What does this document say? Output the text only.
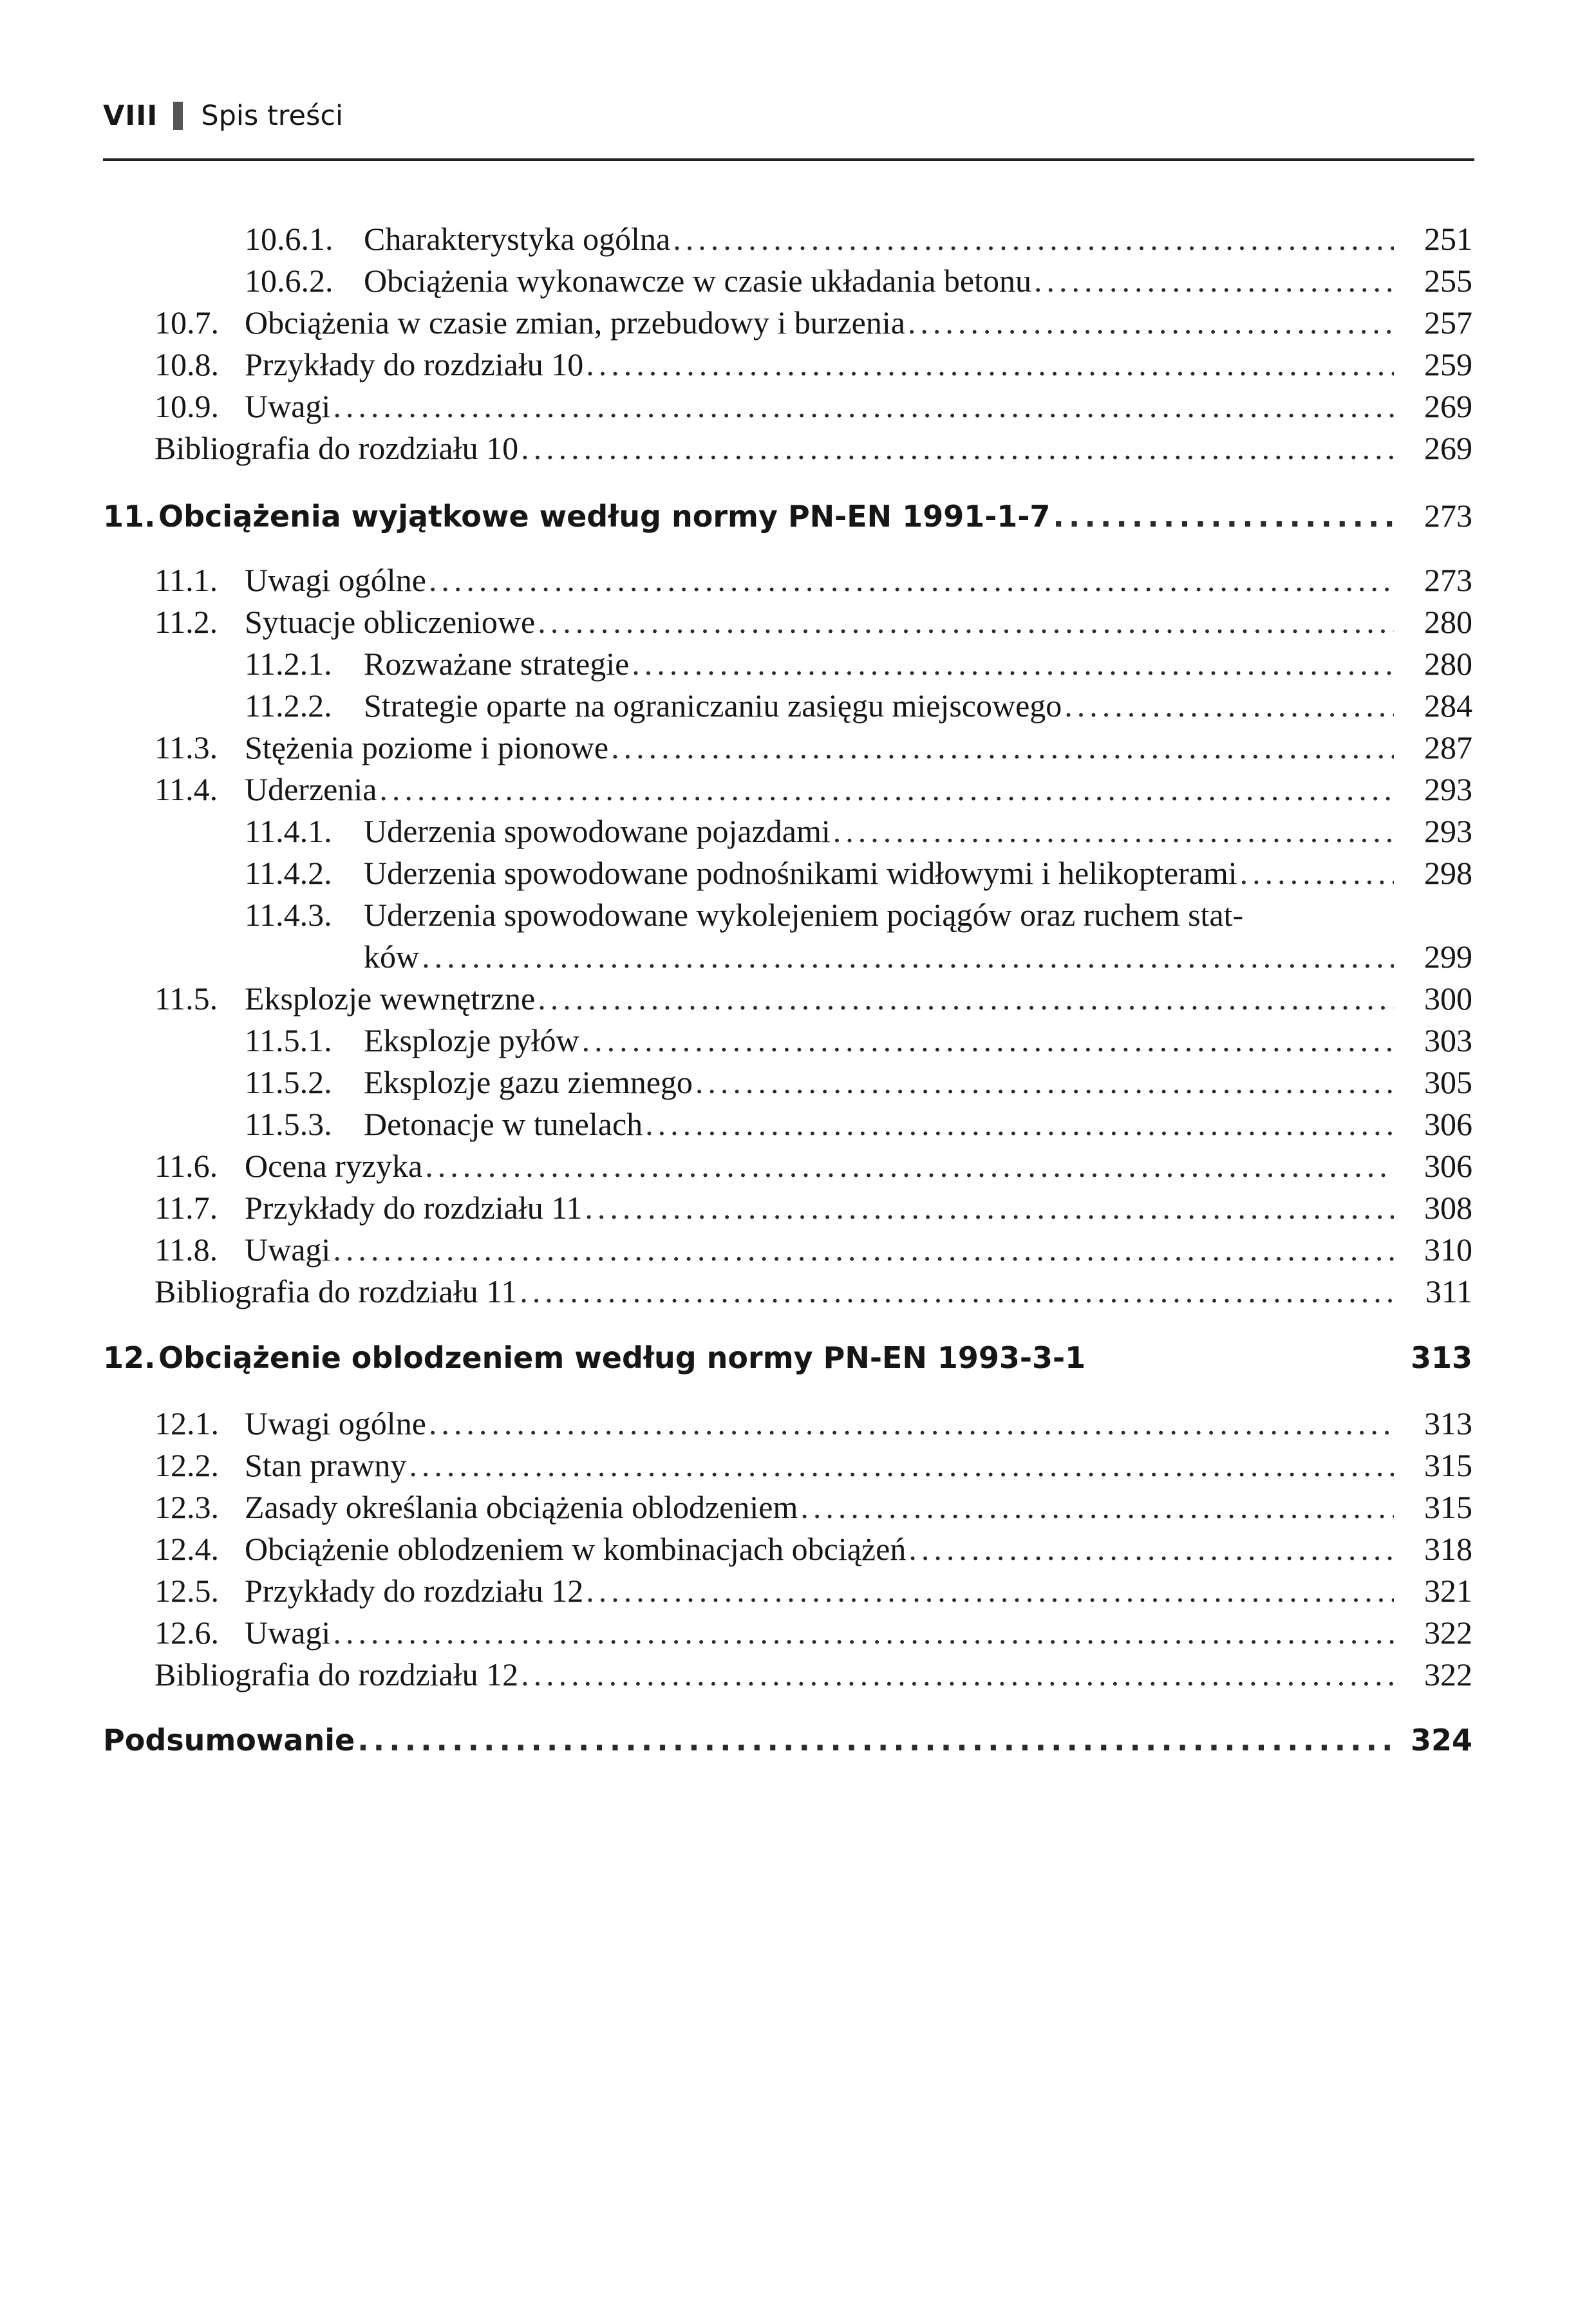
VIII Spis treści
10.6.1. Charakterystyka ogólna .....	251
10.6.2. Obciążenia wykonawcze w czasie układania betonu .....	255
10.7. Obciążenia w czasie zmian, przebudowy i burzenia .....	257
10.8. Przykłady do rozdziału 10 .....	259
10.9. Uwagi .....	269
Bibliografia do rozdziału 10 .....	269
11. Obciążenia wyjątkowe według normy PN-EN 1991-1-7 .....	273
11.1. Uwagi ogólne .....	273
11.2. Sytuacje obliczeniowe .....	280
11.2.1. Rozważane strategie .....	280
11.2.2. Strategie oparte na ograniczaniu zasięgu miejscowego .....	284
11.3. Stężenia poziome i pionowe .....	287
11.4. Uderzenia .....	293
11.4.1. Uderzenia spowodowane pojazdami .....	293
11.4.2. Uderzenia spowodowane podnośnikami widłowymi i helikopterami .....	298
11.4.3. Uderzenia spowodowane wykolejeniem pociągów oraz ruchem stat-
ków .....	299
11.5. Eksplozje wewnętrzne .....	300
11.5.1. Eksplozje pyłów .....	303
11.5.2. Eksplozje gazu ziemnego .....	305
11.5.3. Detonacje w tunelach .....	306
11.6. Ocena ryzyka .....	306
11.7. Przykłady do rozdziału 11 .....	308
11.8. Uwagi .....	310
Bibliografia do rozdziału 11 .....	311
12. Obciążenie oblodzeniem według normy PN-EN 1993-3-1	313
12.1. Uwagi ogólne .....	313
12.2. Stan prawny .....	315
12.3. Zasady określania obciążenia oblodzeniem .....	315
12.4. Obciążenie oblodzeniem w kombinacjach obciążeń .....	318
12.5. Przykłady do rozdziału 12 .....	321
12.6. Uwagi .....	322
Bibliografia do rozdziału 12 .....	322
Podsumowanie .....	324
